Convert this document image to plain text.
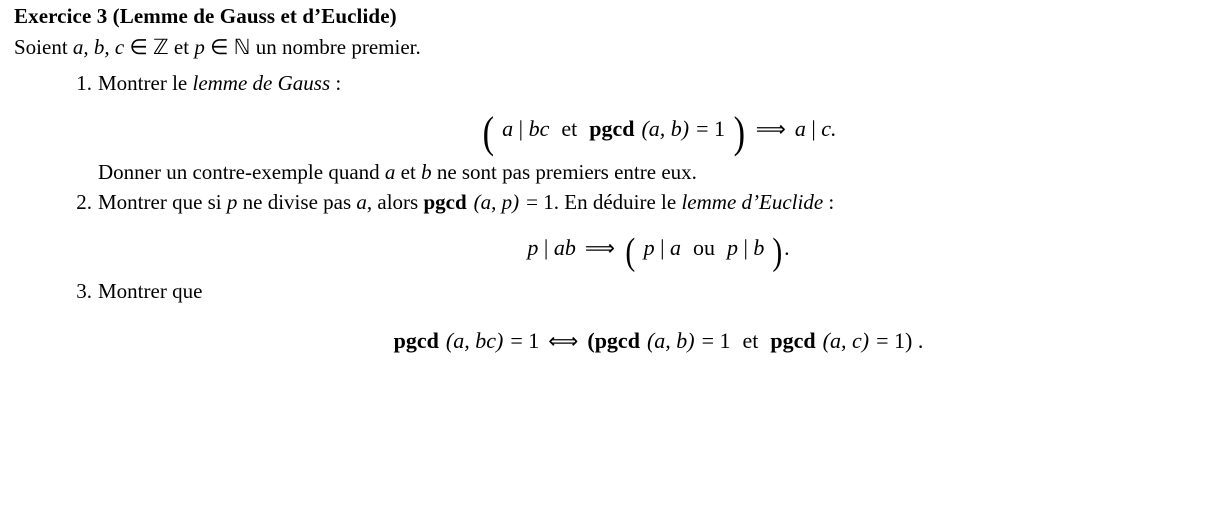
Exercice 3 (Lemme de Gauss et d’Euclide)
Soient a, b, c ∈ ℤ et p ∈ ℕ un nombre premier.
1. Montrer le lemme de Gauss :
( a | bc et pgcd (a, b) = 1 ) ⟹ a | c.
Donner un contre-exemple quand a et b ne sont pas premiers entre eux.
2. Montrer que si p ne divise pas a, alors pgcd (a, p) = 1. En déduire le lemme d’Euclide :
p | ab ⟹ ( p | a ou p | b ).
3. Montrer que
pgcd (a, bc) = 1 ⟺ (pgcd (a, b) = 1 et pgcd (a, c) = 1) .
